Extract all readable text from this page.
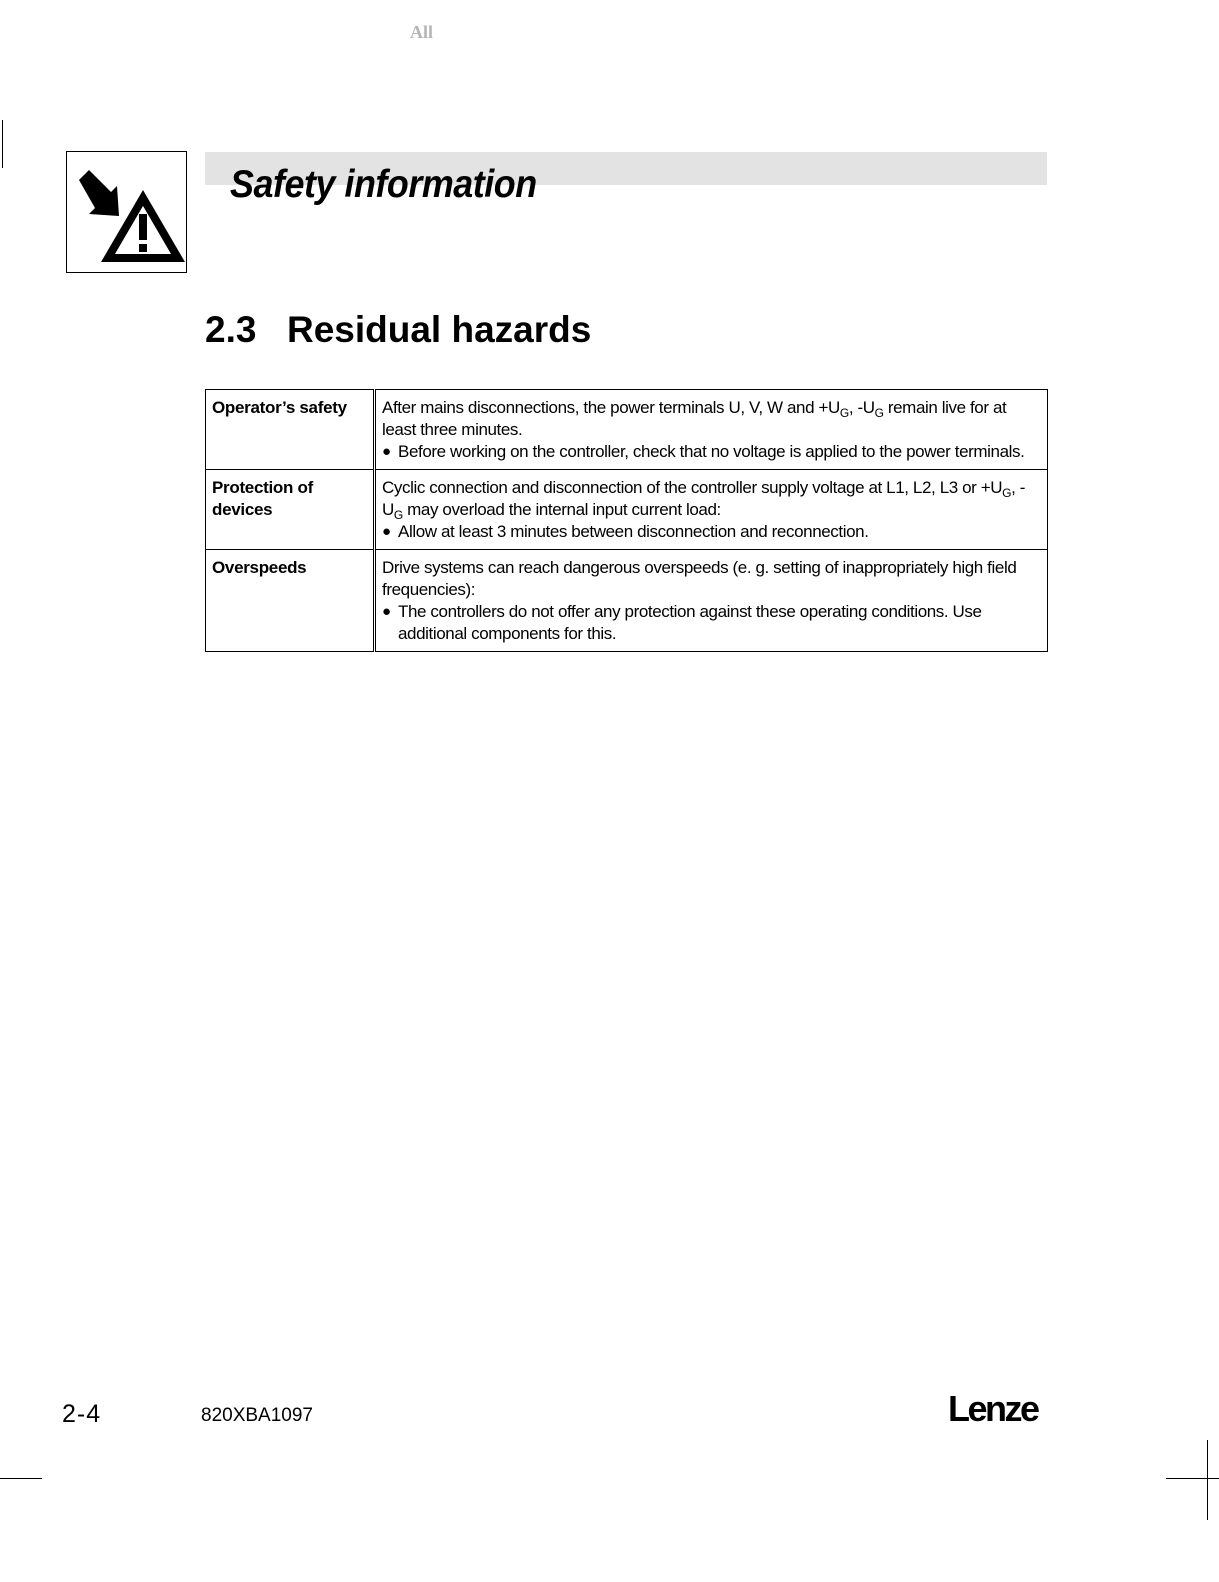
All
Safety information
2.3 Residual hazards
Operator’s safety	After mains disconnections, the power terminals U, V, W and $+U_G$, $-U_G$ remain live for at least three minutes.
● Before working on the controller, check that no voltage is applied to the power terminals.

Protection of devices	Cyclic connection and disconnection of the controller supply voltage at L1, L2, L3 or $+U_G$, $-U_G$ may overload the internal input current load:
● Allow at least 3 minutes between disconnection and reconnection.

Overspeeds	Drive systems can reach dangerous overspeeds (e. g. setting of inappropriately high field frequencies):
● The controllers do not offer any protection against these operating conditions. Use additional components for this.
2-4	820XBA1097	Lenze
